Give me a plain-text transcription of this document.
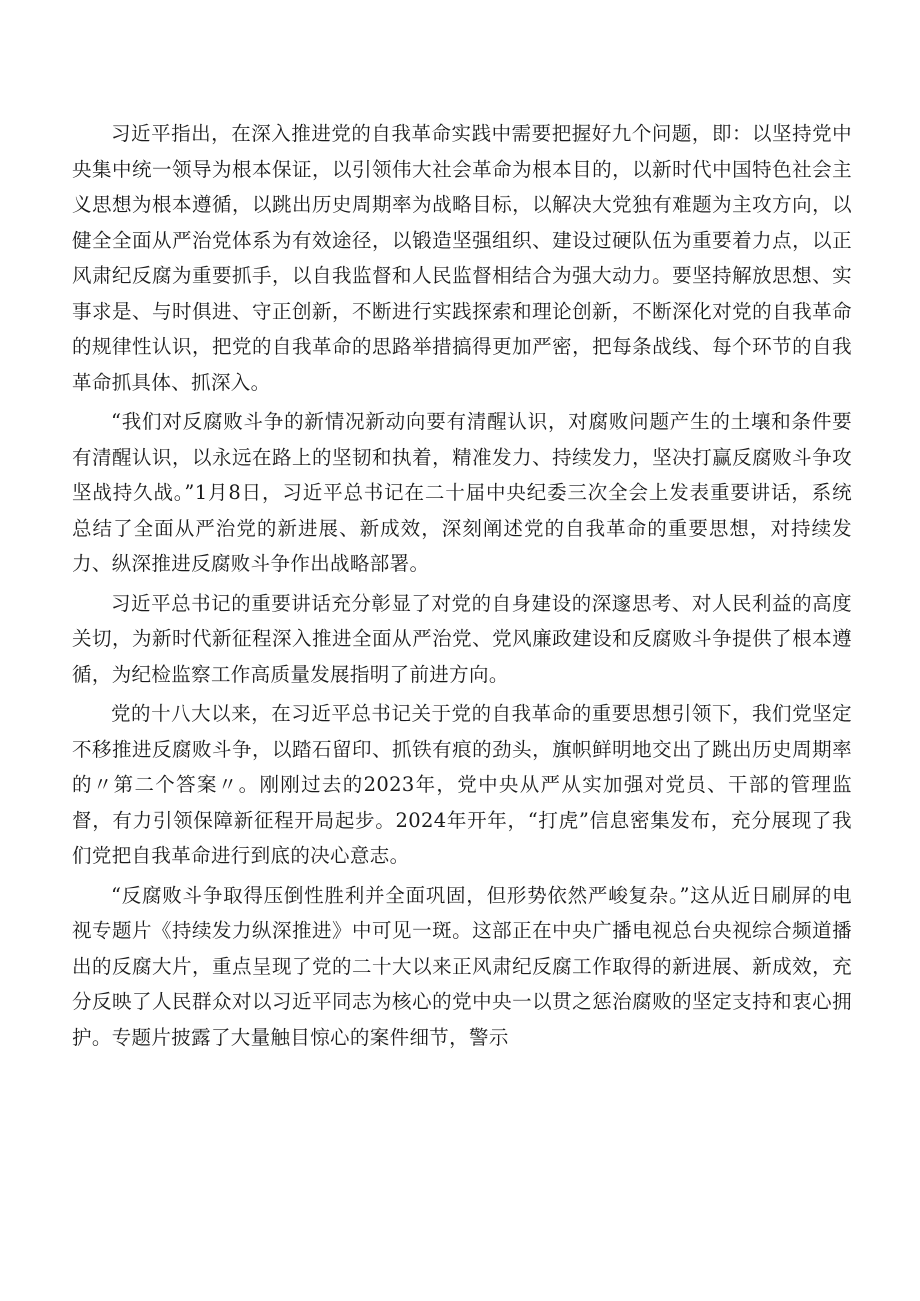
习近平指出，在深入推进党的自我革命实践中需要把握好九个问题，即：以坚持党中央集中统一领导为根本保证，以引领伟大社会革命为根本目的，以新时代中国特色社会主义思想为根本遵循，以跳出历史周期率为战略目标，以解决大党独有难题为主攻方向，以健全全面从严治党体系为有效途径，以锻造坚强组织、建设过硬队伍为重要着力点，以正风肃纪反腐为重要抓手，以自我监督和人民监督相结合为强大动力。要坚持解放思想、实事求是、与时俱进、守正创新，不断进行实践探索和理论创新，不断深化对党的自我革命的规律性认识，把党的自我革命的思路举措搞得更加严密，把每条战线、每个环节的自我革命抓具体、抓深入。

“我们对反腐败斗争的新情况新动向要有清醒认识，对腐败问题产生的土壤和条件要有清醒认识，以永远在路上的坚韧和执着，精准发力、持续发力，坚决打赢反腐败斗争攻坚战持久战。”1月8日，习近平总书记在二十届中央纪委三次全会上发表重要讲话，系统总结了全面从严治党的新进展、新成效，深刻阐述党的自我革命的重要思想，对持续发力、纵深推进反腐败斗争作出战略部署。

习近平总书记的重要讲话充分彰显了对党的自身建设的深邃思考、对人民利益的高度关切，为新时代新征程深入推进全面从严治党、党风廉政建设和反腐败斗争提供了根本遵循，为纪检监察工作高质量发展指明了前进方向。

党的十八大以来，在习近平总书记关于党的自我革命的重要思想引领下，我们党坚定不移推进反腐败斗争，以踏石留印、抓铁有痕的劲头，旗帜鲜明地交出了跳出历史周期率的〃第二个答案〃。刚刚过去的2023年，党中央从严从实加强对党员、干部的管理监督，有力引领保障新征程开局起步。2024年开年，“打虎”信息密集发布，充分展现了我们党把自我革命进行到底的决心意志。

“反腐败斗争取得压倒性胜利并全面巩固，但形势依然严峻复杂。”这从近日刷屏的电视专题片《持续发力纵深推进》中可见一斑。这部正在中央广播电视总台央视综合频道播出的反腐大片，重点呈现了党的二十大以来正风肃纪反腐工作取得的新进展、新成效，充分反映了人民群众对以习近平同志为核心的党中央一以贯之惩治腐败的坚定支持和衷心拥护。专题片披露了大量触目惊心的案件细节，警示
